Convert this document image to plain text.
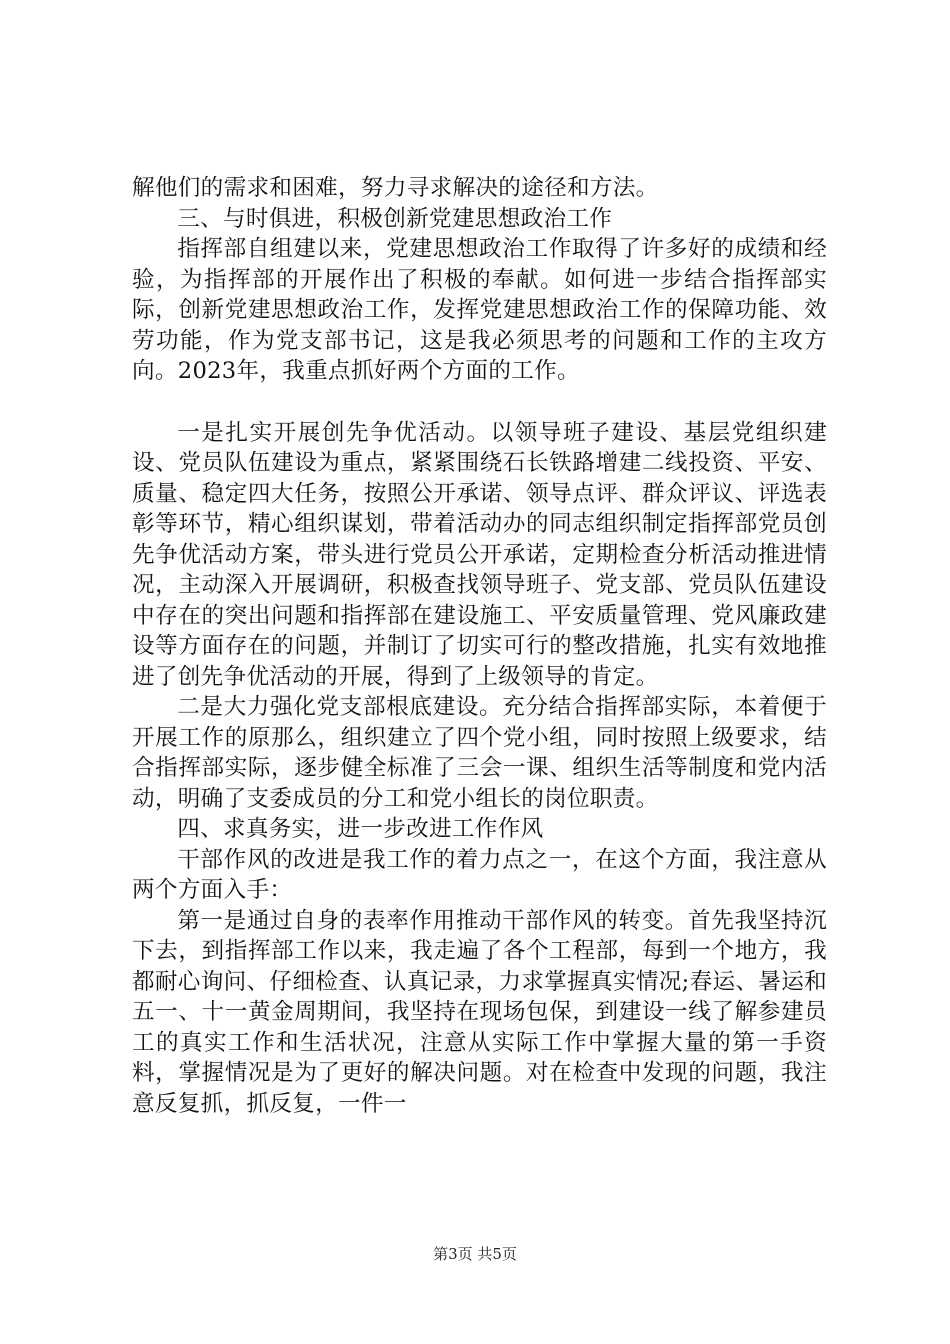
解他们的需求和困难，努力寻求解决的途径和方法。

三、与时俱进，积极创新党建思想政治工作

指挥部自组建以来，党建思想政治工作取得了许多好的成绩和经验，为指挥部的开展作出了积极的奉献。如何进一步结合指挥部实际，创新党建思想政治工作，发挥党建思想政治工作的保障功能、效劳功能，作为党支部书记，这是我必须思考的问题和工作的主攻方向。2023年，我重点抓好两个方面的工作。

一是扎实开展创先争优活动。以领导班子建设、基层党组织建设、党员队伍建设为重点，紧紧围绕石长铁路增建二线投资、平安、质量、稳定四大任务，按照公开承诺、领导点评、群众评议、评选表彰等环节，精心组织谋划，带着活动办的同志组织制定指挥部党员创先争优活动方案，带头进行党员公开承诺，定期检查分析活动推进情况，主动深入开展调研，积极查找领导班子、党支部、党员队伍建设中存在的突出问题和指挥部在建设施工、平安质量管理、党风廉政建设等方面存在的问题，并制订了切实可行的整改措施，扎实有效地推进了创先争优活动的开展，得到了上级领导的肯定。

二是大力强化党支部根底建设。充分结合指挥部实际，本着便于开展工作的原那么，组织建立了四个党小组，同时按照上级要求，结合指挥部实际，逐步健全标准了三会一课、组织生活等制度和党内活动，明确了支委成员的分工和党小组长的岗位职责。

四、求真务实，进一步改进工作作风

干部作风的改进是我工作的着力点之一，在这个方面，我注意从两个方面入手：

第一是通过自身的表率作用推动干部作风的转变。首先我坚持沉下去，到指挥部工作以来，我走遍了各个工程部，每到一个地方，我都耐心询问、仔细检查、认真记录，力求掌握真实情况;春运、暑运和五一、十一黄金周期间，我坚持在现场包保，到建设一线了解参建员工的真实工作和生活状况，注意从实际工作中掌握大量的第一手资料，掌握情况是为了更好的解决问题。对在检查中发现的问题，我注意反复抓，抓反复，一件一

第3页 共5页
